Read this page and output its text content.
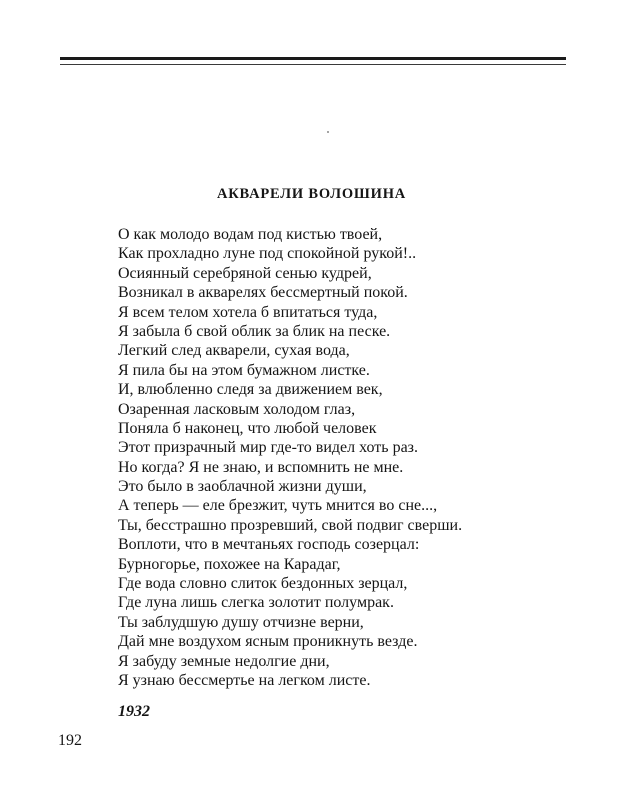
АКВАРЕЛИ ВОЛОШИНА
О как молодо водам под кистью твоей,
Как прохладно луне под спокойной рукой!..
Осиянный серебряной сенью кудрей,
Возникал в акварелях бессмертный покой.
Я всем телом хотела б впитаться туда,
Я забыла б свой облик за блик на песке.
Легкий след акварели, сухая вода,
Я пила бы на этом бумажном листке.
И, влюбленно следя за движением век,
Озаренная ласковым холодом глаз,
Поняла б наконец, что любой человек
Этот призрачный мир где-то видел хоть раз.
Но когда? Я не знаю, и вспомнить не мне.
Это было в заоблачной жизни души,
А теперь — еле брезжит, чуть мнится во сне...,
Ты, бесстрашно прозревший, свой подвиг сверши.
Воплоти, что в мечтаньях господь созерцал:
Бурногорье, похожее на Карадаг,
Где вода словно слиток бездонных зерцал,
Где луна лишь слегка золотит полумрак.
Ты заблудшую душу отчизне верни,
Дай мне воздухом ясным проникнуть везде.
Я забуду земные недолгие дни,
Я узнаю бессмертье на легком листе.
1932
192
